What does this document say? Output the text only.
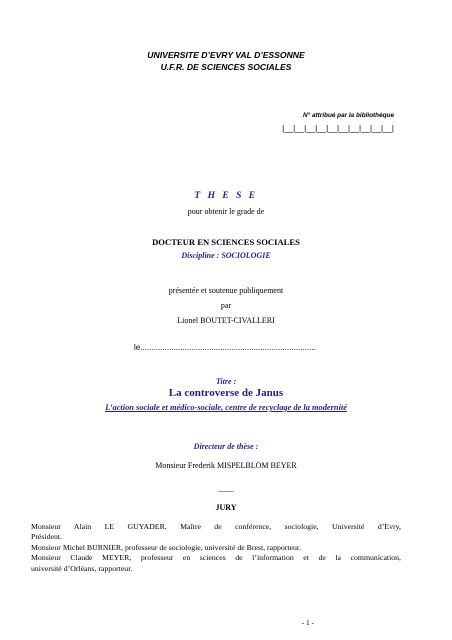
UNIVERSITE D’EVRY VAL D’ESSONNE
U.F.R. DE SCIENCES SOCIALES
N° attribué par la bibliothèque
|__|__|__|__|__|__|__|__|__|__|
T H E S E
pour obtenir le grade de
DOCTEUR EN SCIENCES SOCIALES
Discipline : SOCIOLOGIE
présentée et soutenue publiquement
par
Lionel BOUTET-CIVALLERI
le...............................................................................
Titre :
La controverse de Janus
L’action sociale et médico-sociale, centre de recyclage de la modernité
Directeur de thèse :
Monsieur Frederik MISPELBLOM BEYER
____
JURY

Monsieur Alain LE GUYADER, Maître de conférence, sociologie, Université d’Evry,

Président.

Monsieur Michel BURNIER, professeur de sociologie, université de Brest, rapporteur.

Monsieur Claude MEYER, professeur en sciences de l’information et de la communication,

université d’Orléans, rapporteur.

- 1 -
